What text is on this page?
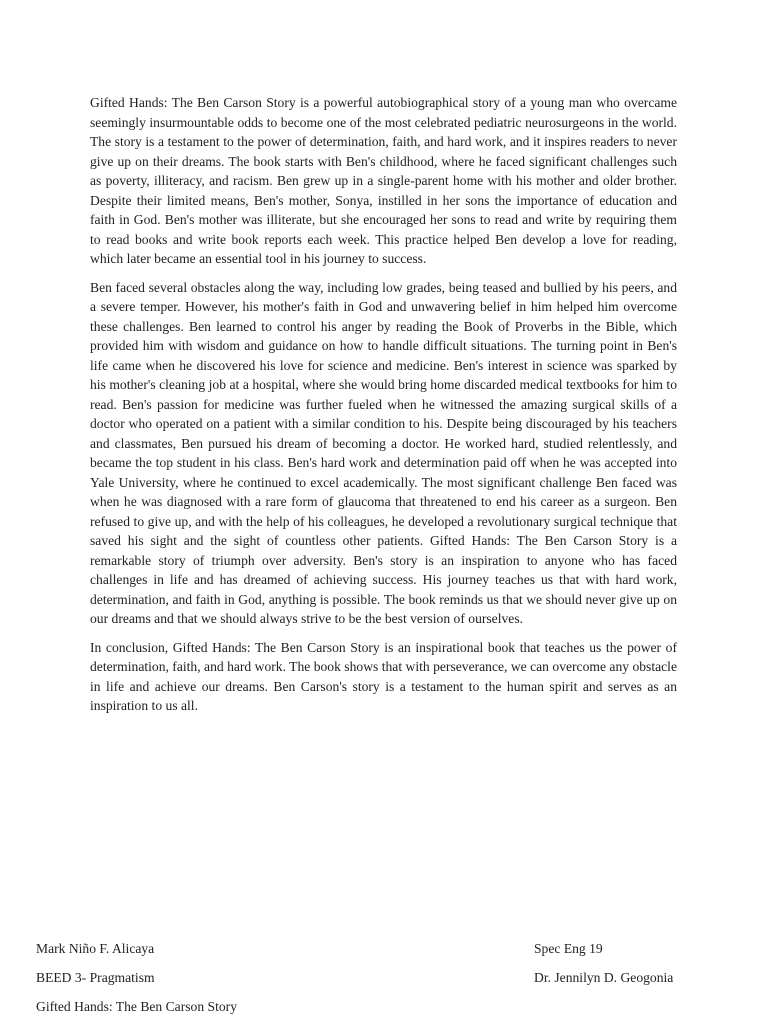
Gifted Hands: The Ben Carson Story is a powerful autobiographical story of a young man who overcame seemingly insurmountable odds to become one of the most celebrated pediatric neurosurgeons in the world. The story is a testament to the power of determination, faith, and hard work, and it inspires readers to never give up on their dreams. The book starts with Ben's childhood, where he faced significant challenges such as poverty, illiteracy, and racism. Ben grew up in a single-parent home with his mother and older brother. Despite their limited means, Ben's mother, Sonya, instilled in her sons the importance of education and faith in God. Ben's mother was illiterate, but she encouraged her sons to read and write by requiring them to read books and write book reports each week. This practice helped Ben develop a love for reading, which later became an essential tool in his journey to success.

Ben faced several obstacles along the way, including low grades, being teased and bullied by his peers, and a severe temper. However, his mother's faith in God and unwavering belief in him helped him overcome these challenges. Ben learned to control his anger by reading the Book of Proverbs in the Bible, which provided him with wisdom and guidance on how to handle difficult situations. The turning point in Ben's life came when he discovered his love for science and medicine. Ben's interest in science was sparked by his mother's cleaning job at a hospital, where she would bring home discarded medical textbooks for him to read. Ben's passion for medicine was further fueled when he witnessed the amazing surgical skills of a doctor who operated on a patient with a similar condition to his. Despite being discouraged by his teachers and classmates, Ben pursued his dream of becoming a doctor. He worked hard, studied relentlessly, and became the top student in his class. Ben's hard work and determination paid off when he was accepted into Yale University, where he continued to excel academically. The most significant challenge Ben faced was when he was diagnosed with a rare form of glaucoma that threatened to end his career as a surgeon. Ben refused to give up, and with the help of his colleagues, he developed a revolutionary surgical technique that saved his sight and the sight of countless other patients. Gifted Hands: The Ben Carson Story is a remarkable story of triumph over adversity. Ben's story is an inspiration to anyone who has faced challenges in life and has dreamed of achieving success. His journey teaches us that with hard work, determination, and faith in God, anything is possible. The book reminds us that we should never give up on our dreams and that we should always strive to be the best version of ourselves.

In conclusion, Gifted Hands: The Ben Carson Story is an inspirational book that teaches us the power of determination, faith, and hard work. The book shows that with perseverance, we can overcome any obstacle in life and achieve our dreams. Ben Carson's story is a testament to the human spirit and serves as an inspiration to us all.

Mark Niño F. Alicaya
BEED 3- Pragmatism
Gifted Hands: The Ben Carson Story
Spec Eng 19
Dr. Jennilyn D. Geogonia
